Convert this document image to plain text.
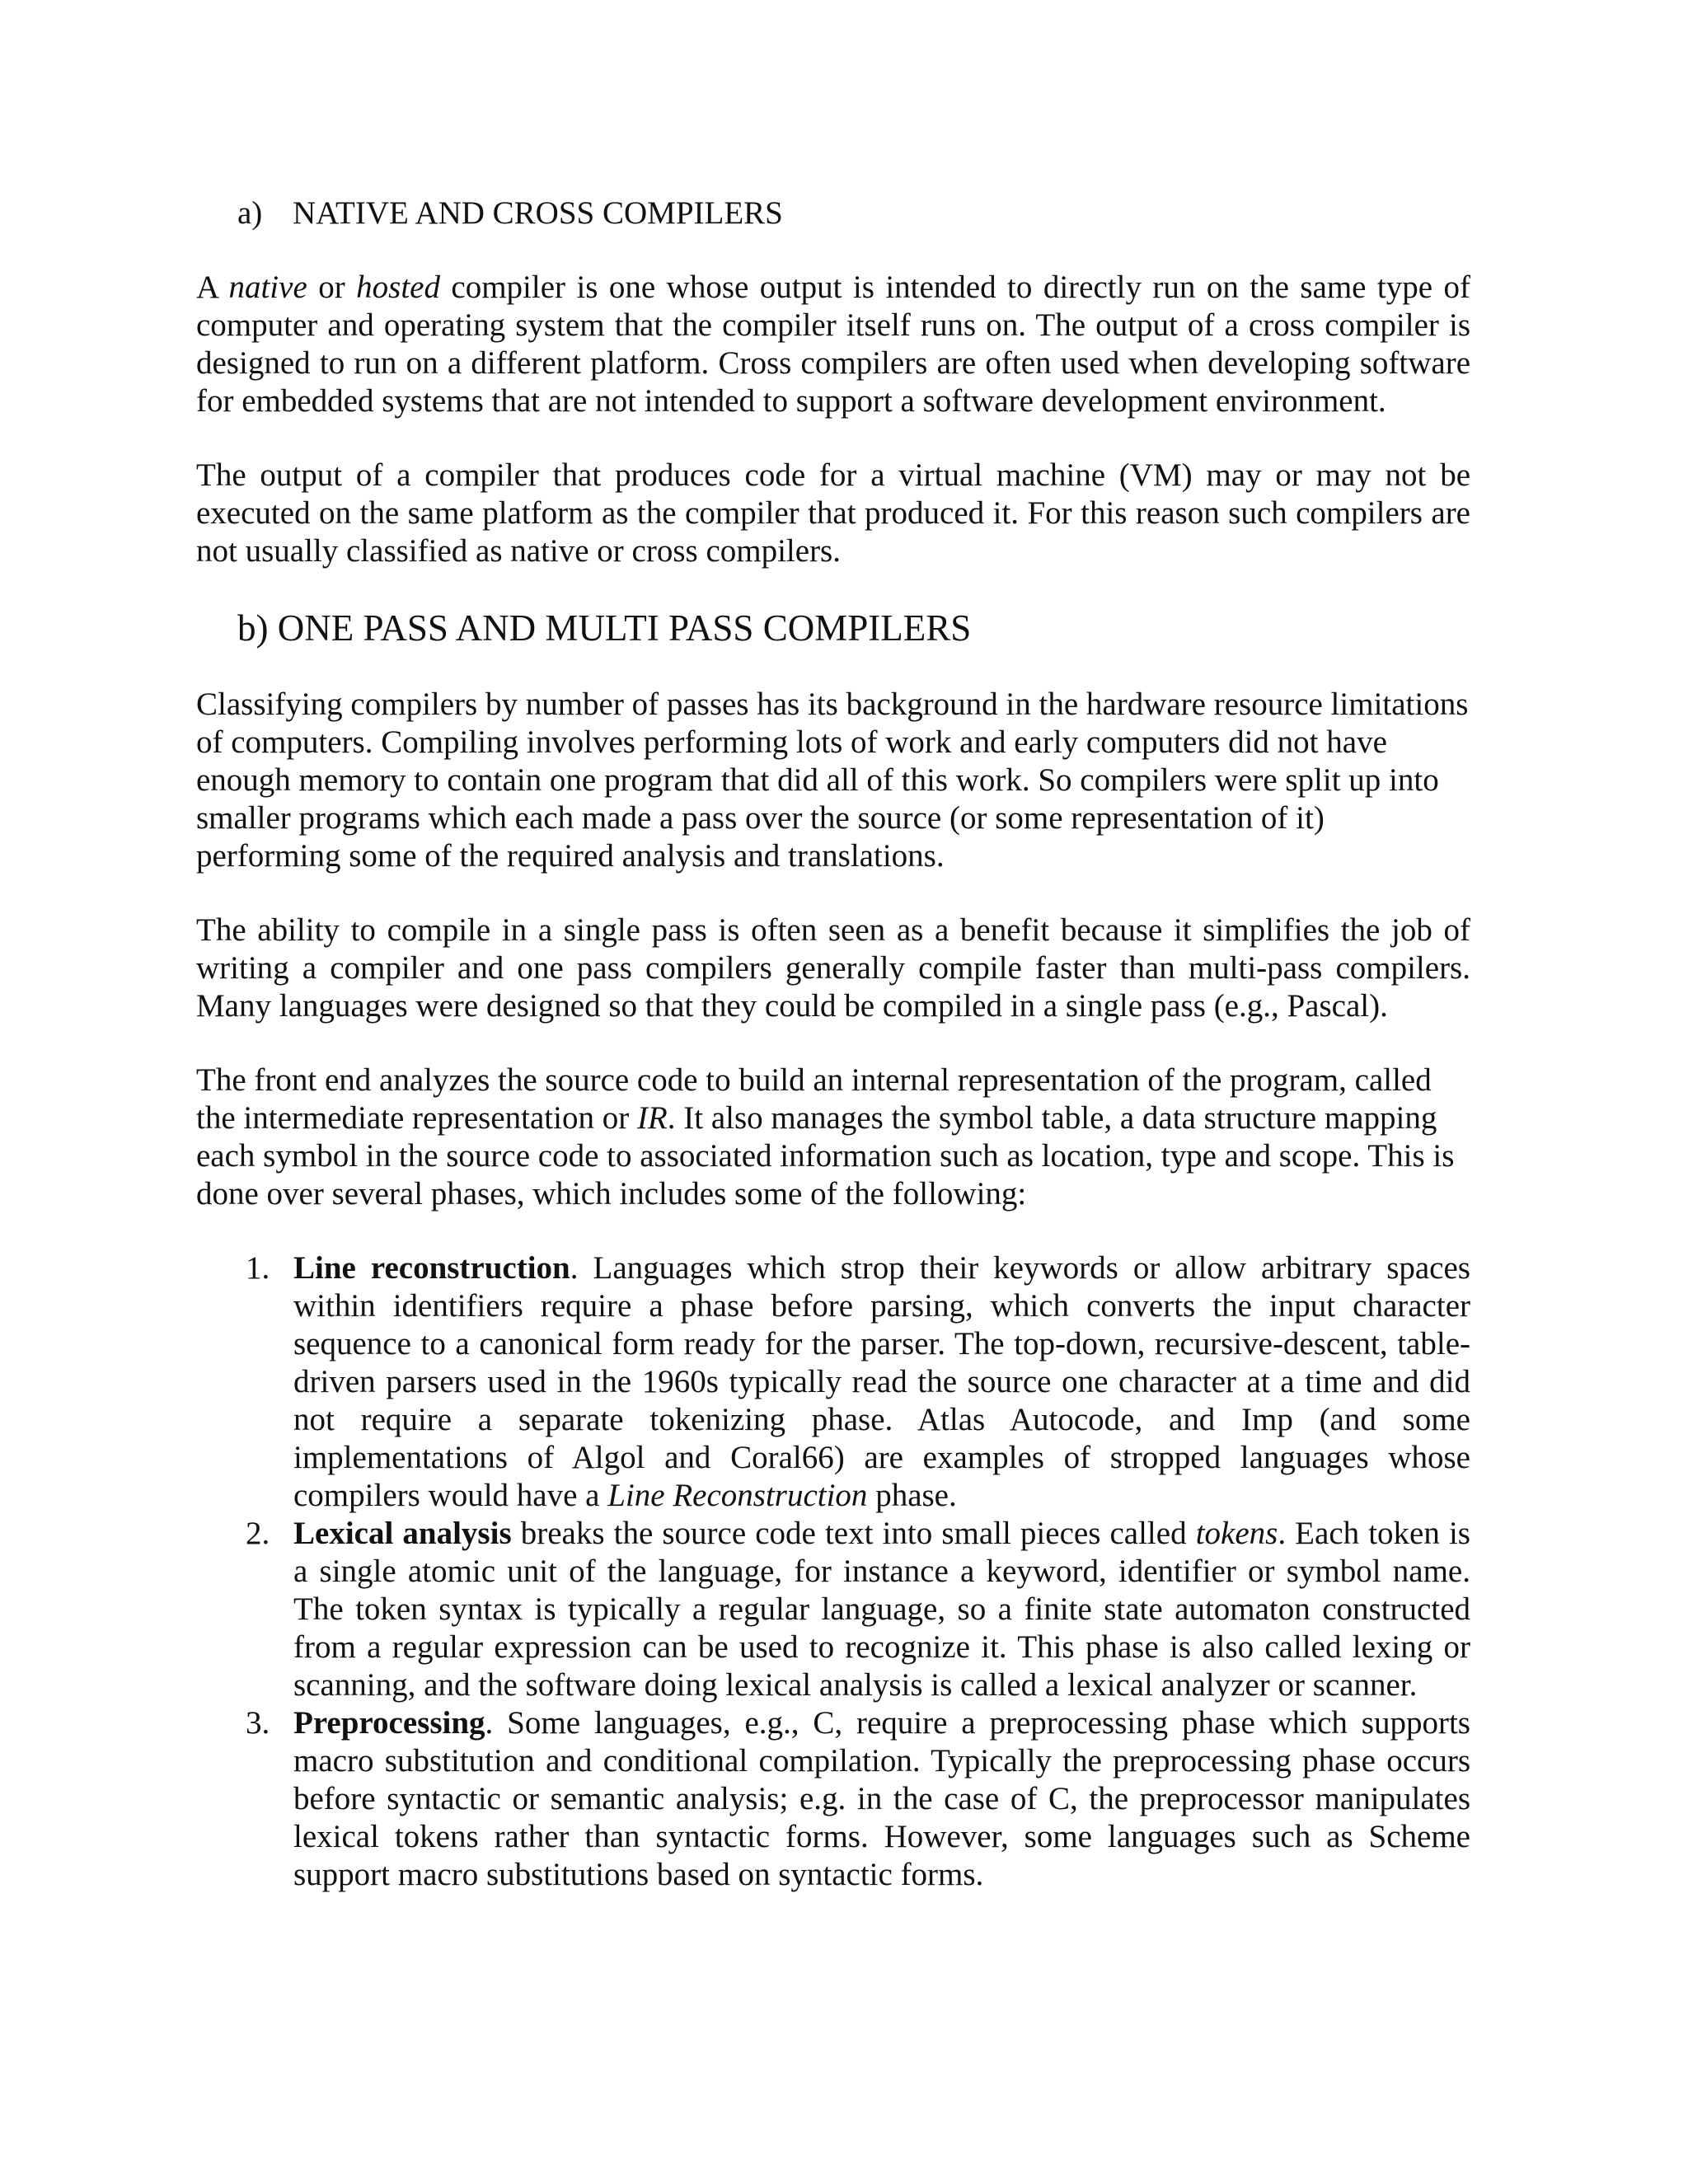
a) NATIVE AND CROSS COMPILERS

A native or hosted compiler is one whose output is intended to directly run on the same type of computer and operating system that the compiler itself runs on. The output of a cross compiler is designed to run on a different platform. Cross compilers are often used when developing software for embedded systems that are not intended to support a software development environment.

The output of a compiler that produces code for a virtual machine (VM) may or may not be executed on the same platform as the compiler that produced it. For this reason such compilers are not usually classified as native or cross compilers.

b) ONE PASS AND MULTI PASS COMPILERS

Classifying compilers by number of passes has its background in the hardware resource limitations of computers. Compiling involves performing lots of work and early computers did not have enough memory to contain one program that did all of this work. So compilers were split up into smaller programs which each made a pass over the source (or some representation of it) performing some of the required analysis and translations.

The ability to compile in a single pass is often seen as a benefit because it simplifies the job of writing a compiler and one pass compilers generally compile faster than multi-pass compilers. Many languages were designed so that they could be compiled in a single pass (e.g., Pascal).

The front end analyzes the source code to build an internal representation of the program, called the intermediate representation or IR. It also manages the symbol table, a data structure mapping each symbol in the source code to associated information such as location, type and scope. This is done over several phases, which includes some of the following:

1. Line reconstruction. Languages which strop their keywords or allow arbitrary spaces within identifiers require a phase before parsing, which converts the input character sequence to a canonical form ready for the parser. The top-down, recursive-descent, table-driven parsers used in the 1960s typically read the source one character at a time and did not require a separate tokenizing phase. Atlas Autocode, and Imp (and some implementations of Algol and Coral66) are examples of stropped languages whose compilers would have a Line Reconstruction phase.
2. Lexical analysis breaks the source code text into small pieces called tokens. Each token is a single atomic unit of the language, for instance a keyword, identifier or symbol name. The token syntax is typically a regular language, so a finite state automaton constructed from a regular expression can be used to recognize it. This phase is also called lexing or scanning, and the software doing lexical analysis is called a lexical analyzer or scanner.
3. Preprocessing. Some languages, e.g., C, require a preprocessing phase which supports macro substitution and conditional compilation. Typically the preprocessing phase occurs before syntactic or semantic analysis; e.g. in the case of C, the preprocessor manipulates lexical tokens rather than syntactic forms. However, some languages such as Scheme support macro substitutions based on syntactic forms.
